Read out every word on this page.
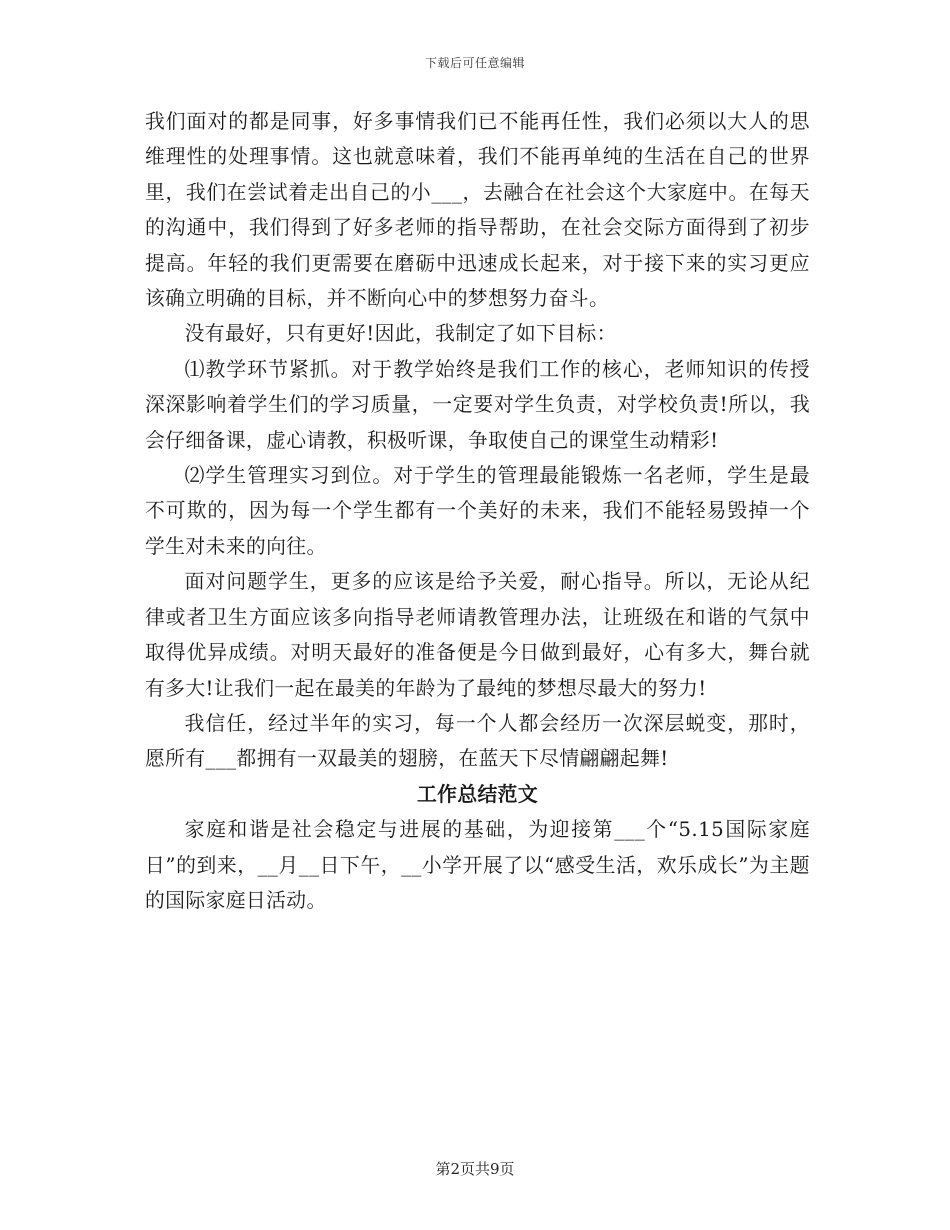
下载后可任意编辑

我们面对的都是同事，好多事情我们已不能再任性，我们必须以大人的思维理性的处理事情。这也就意味着，我们不能再单纯的生活在自己的世界里，我们在尝试着走出自己的小___，去融合在社会这个大家庭中。在每天的沟通中，我们得到了好多老师的指导帮助，在社会交际方面得到了初步提高。年轻的我们更需要在磨砺中迅速成长起来，对于接下来的实习更应该确立明确的目标，并不断向心中的梦想努力奋斗。

没有最好，只有更好!因此，我制定了如下目标：

⑴教学环节紧抓。对于教学始终是我们工作的核心，老师知识的传授深深影响着学生们的学习质量，一定要对学生负责，对学校负责!所以，我会仔细备课，虚心请教，积极听课，争取使自己的课堂生动精彩!

⑵学生管理实习到位。对于学生的管理最能锻炼一名老师，学生是最不可欺的，因为每一个学生都有一个美好的未来，我们不能轻易毁掉一个学生对未来的向往。

面对问题学生，更多的应该是给予关爱，耐心指导。所以，无论从纪律或者卫生方面应该多向指导老师请教管理办法，让班级在和谐的气氛中取得优异成绩。对明天最好的准备便是今日做到最好，心有多大，舞台就有多大!让我们一起在最美的年龄为了最纯的梦想尽最大的努力!

我信任，经过半年的实习，每一个人都会经历一次深层蜕变，那时，愿所有___都拥有一双最美的翅膀，在蓝天下尽情翩翩起舞!

工作总结范文

家庭和谐是社会稳定与进展的基础，为迎接第___个“5.15国际家庭日”的到来，__月__日下午，__小学开展了以“感受生活，欢乐成长”为主题的国际家庭日活动。

第2页共9页
